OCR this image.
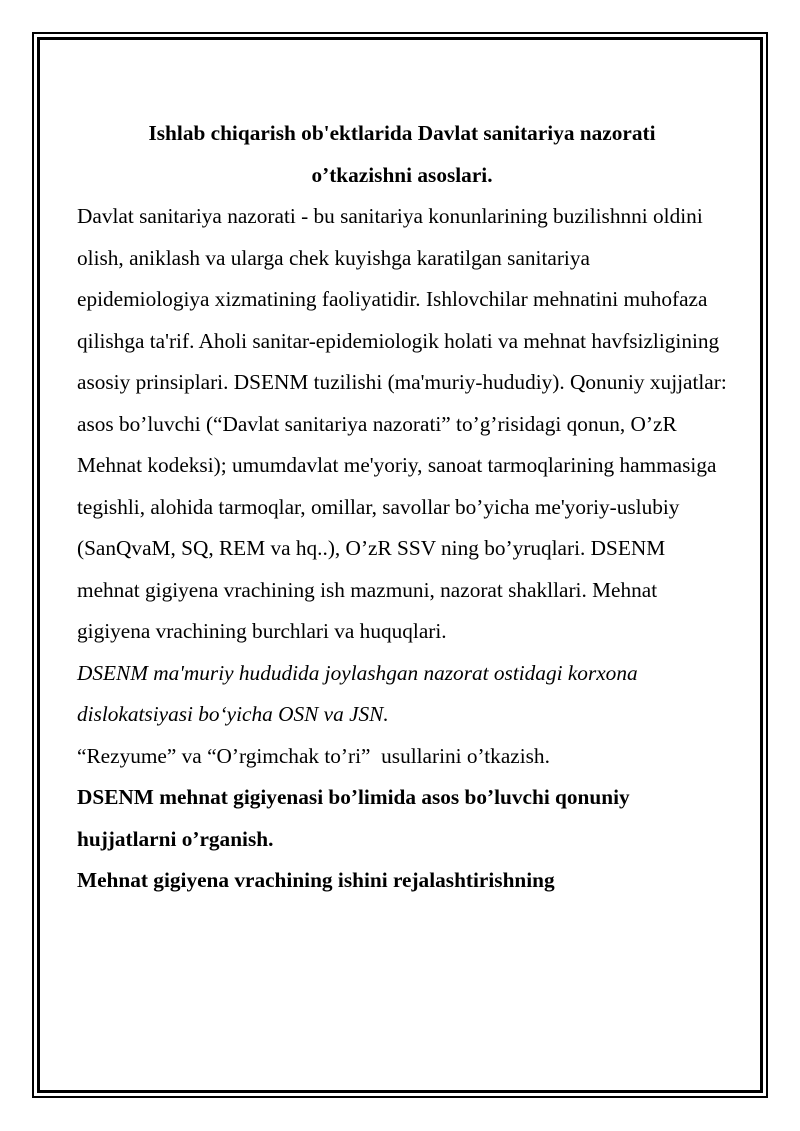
Ishlab chiqarish ob'ektlarida Davlat sanitariya nazorati
o’tkazishni asoslari.

Davlat sanitariya nazorati - bu sanitariya konunlarining buzilishnni oldini olish, aniklash va ularga chek kuyishga karatilgan sanitariya epidemiologiya xizmatining faoliyatidir. Ishlovchilar mehnatini muhofaza qilishga ta'rif. Aholi sanitar-epidemiologik holati va mehnat havfsizligining asosiy prinsiplari. DSENM tuzilishi (ma'muriy-hududiy). Qonuniy xujjatlar: asos bo’luvchi (“Davlat sanitariya nazorati” to’g’risidagi qonun, O’zR Mehnat kodeksi); umumdavlat me'yoriy, sanoat tarmoqlarining hammasiga tegishli, alohida tarmoqlar, omillar, savollar bo’yicha me'yoriy-uslubiy (SanQvaM, SQ, REM va hq..), O’zR SSV ning bo’yruqlari. DSENM mehnat gigiyena vrachining ish mazmuni, nazorat shakllari. Mehnat gigiyena vrachining burchlari va huquqlari.

DSENM ma'muriy hududida joylashgan nazorat ostidagi korxona dislokatsiyasi bo‘yicha OSN va JSN.

“Rezyume” va “O’rgimchak to’ri”  usullarini o’tkazish.

DSENM mehnat gigiyenasi bo’limida asos bo’luvchi qonuniy hujjatlarni o’rganish.

Mehnat gigiyena vrachining ishini rejalashtirishning
